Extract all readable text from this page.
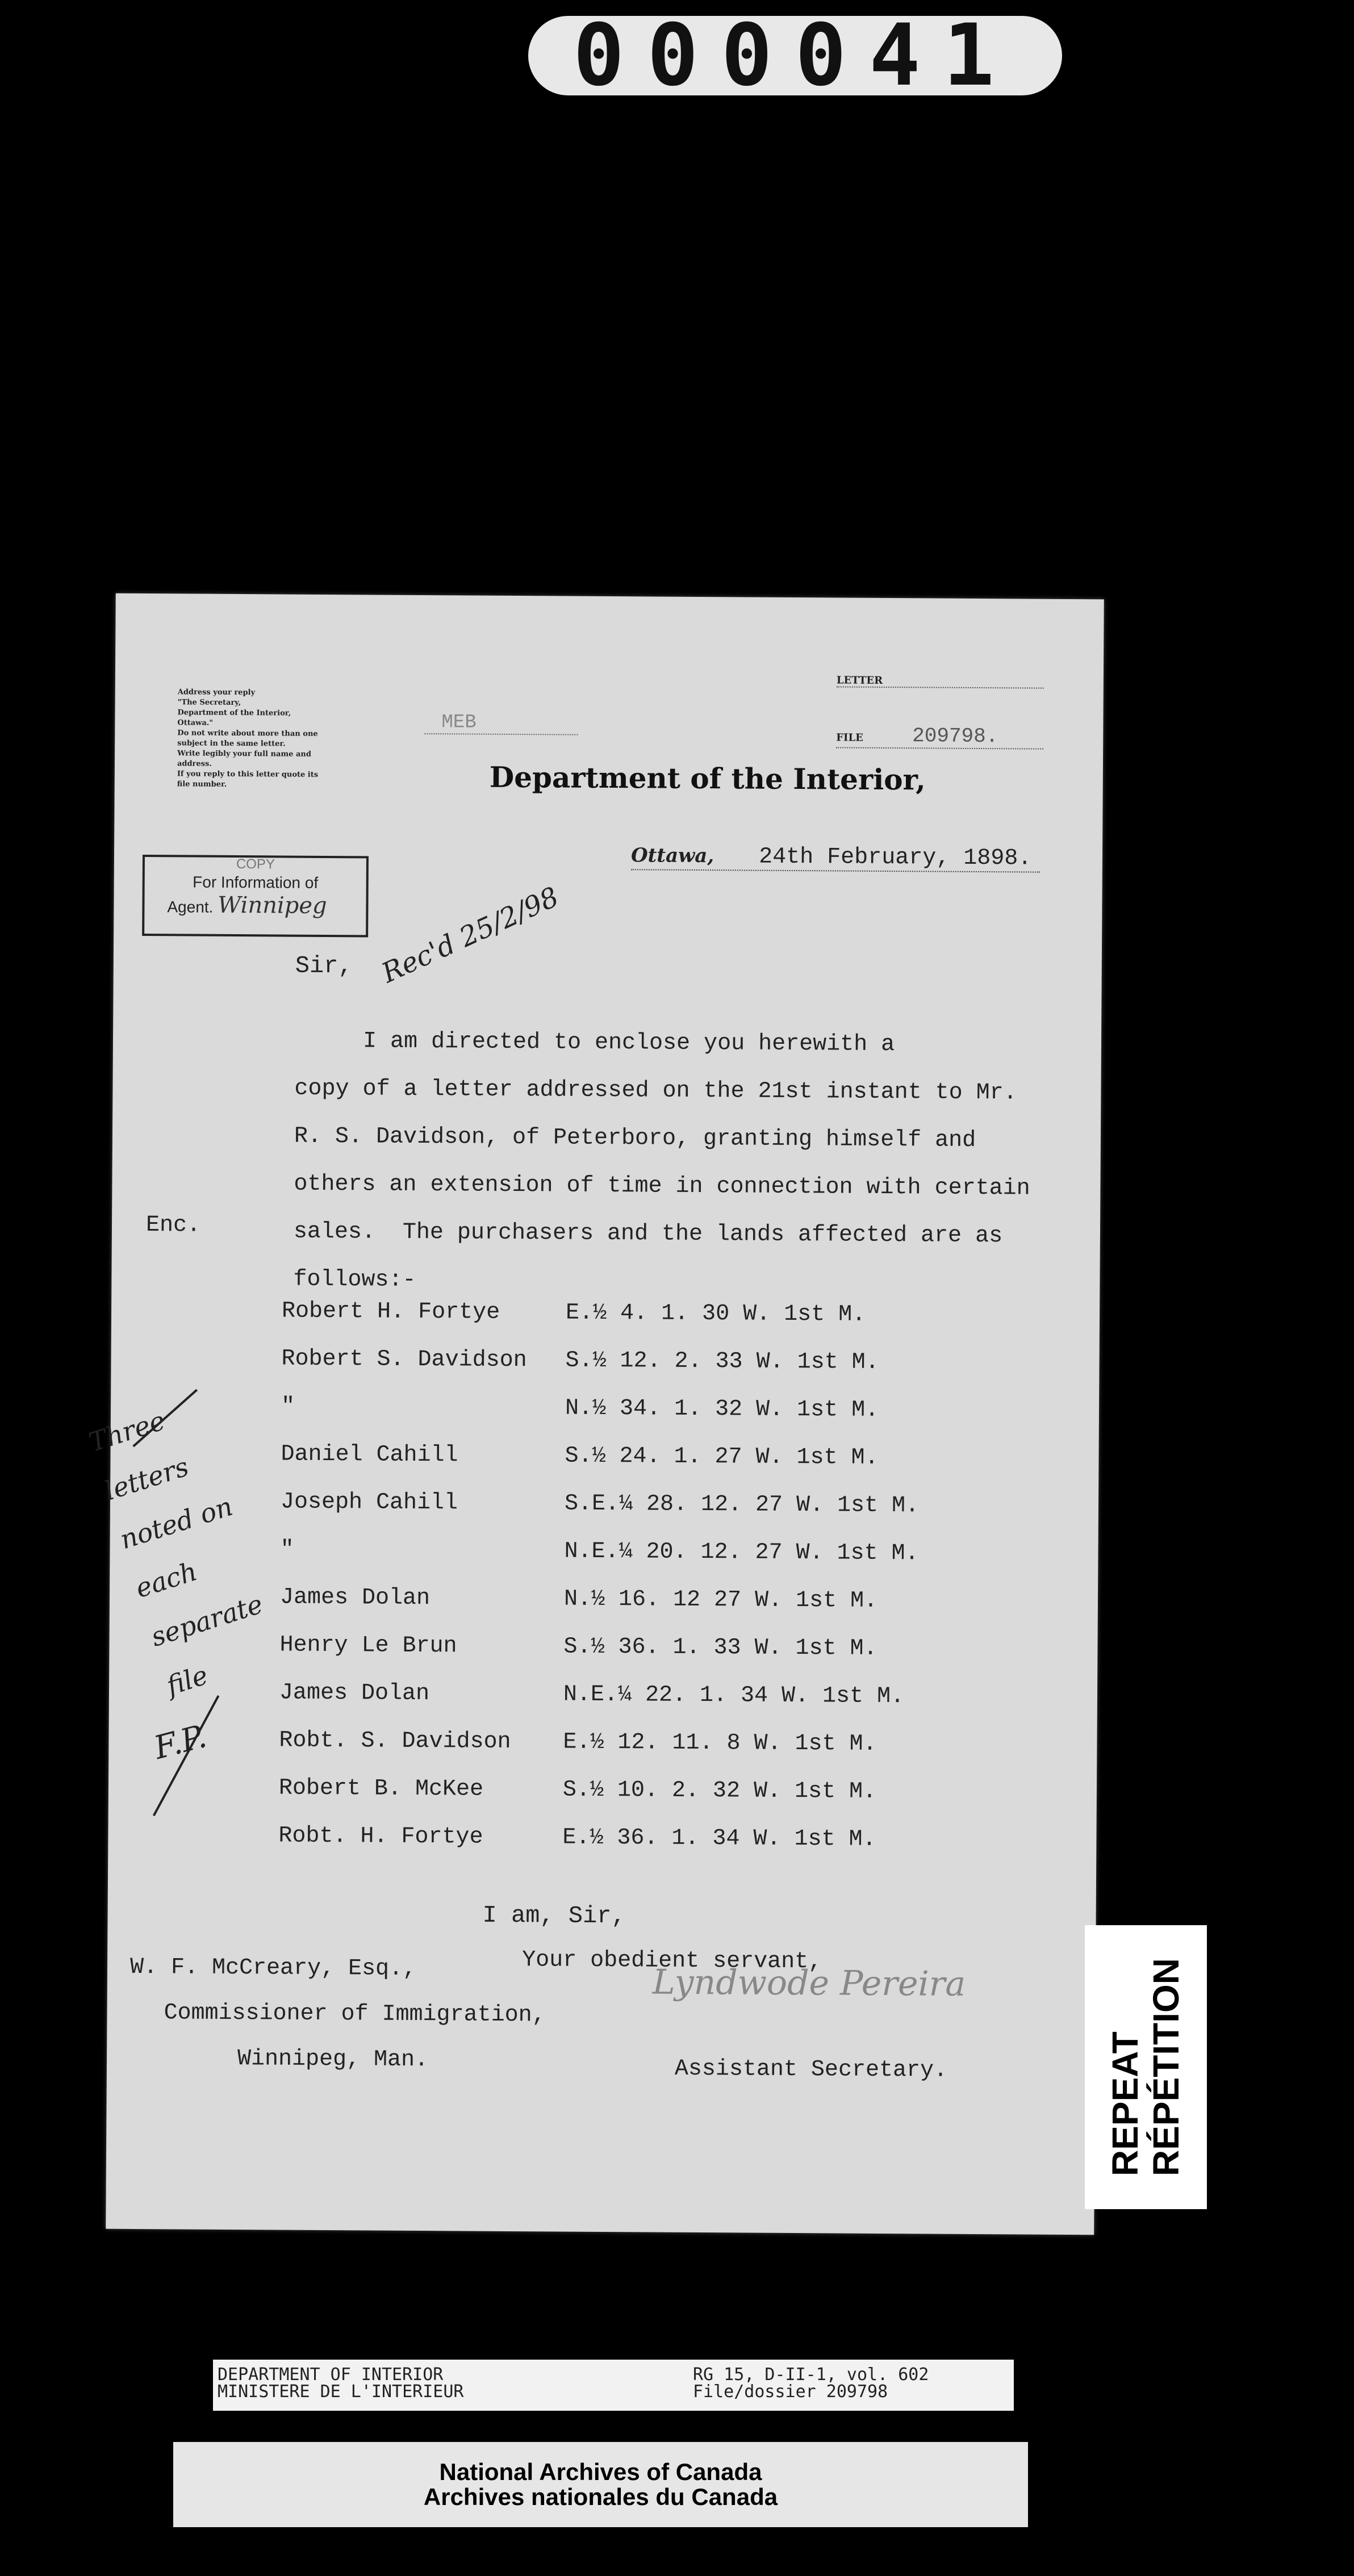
000041
Address your reply
"The Secretary,
Department of the Interior,
Ottawa."
Do not write about more than one
subject in the same letter.
Write legibly your full name and
address.
If you reply to this letter quote its
file number.
MEB
LETTER
FILE 209798.
Department of the Interior,
Ottawa, 24th February, 1898.
COPY
For Information of
Agent. Winnipeg
Sir, Rec'd 25/2/98
I am directed to enclose you herewith a
copy of a letter addressed on the 21st instant to Mr.
R. S. Davidson, of Peterboro, granting himself and
others an extension of time in connection with certain
sales.  The purchasers and the lands affected are as
follows:-
Enc.
Robert H. Fortye	E.½ 4. 1. 30 W. 1st M.
Robert S. Davidson	S.½ 12. 2. 33 W. 1st M.
"	N.½ 34. 1. 32 W. 1st M.
Daniel Cahill	S.½ 24. 1. 27 W. 1st M.
Joseph Cahill	S.E.¼ 28. 12. 27 W. 1st M.
"	N.E.¼ 20. 12. 27 W. 1st M.
James Dolan	N.½ 16. 12 27 W. 1st M.
Henry Le Brun	S.½ 36. 1. 33 W. 1st M.
James Dolan	N.E.¼ 22. 1. 34 W. 1st M.
Robt. S. Davidson	E.½ 12. 11. 8 W. 1st M.
Robert B. McKee	S.½ 10. 2. 32 W. 1st M.
Robt. H. Fortye	E.½ 36. 1. 34 W. 1st M.
Three letters
noted on
each
separate
file
F.P.
I am, Sir,
W. F. McCreary, Esq.,
Commissioner of Immigration,
Winnipeg, Man.
Your obedient servant,
Lyndwode Pereira
Assistant Secretary.	REPEAT RÉPÉTITION
DEPARTMENT OF INTERIOR
MINISTERE DE L'INTERIEUR
RG 15, D-II-1, vol. 602
File/dossier 209798
National Archives of Canada
Archives nationales du Canada
